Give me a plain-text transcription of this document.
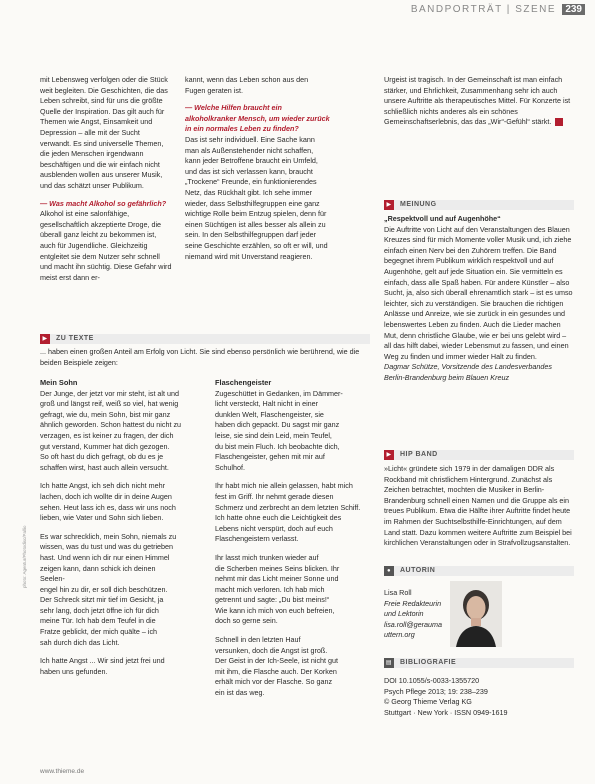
BANDPORTRÄT | SZENE 239

mit Lebensweg verfolgen oder die Stück weit begleiten. Die Geschichten, die das Leben schreibt, sind für uns die größte Quelle der Inspiration. Das gilt auch für Themen wie Angst, Einsamkeit und Depression – alle mit der Sucht verwandt. Es sind universelle Themen, die jeden Menschen irgendwann beschäftigen und die wir einfach nicht ausblenden wollen aus unserer Musik, und das schätzt unser Publikum.

— Was macht Alkohol so gefährlich?

Alkohol ist eine salonfähige, gesellschaftlich akzeptierte Droge, die überall ganz leicht zu bekommen ist, auch für Jugendliche. Gleichzeitig entgleitet sie dem Nutzer sehr schnell und macht ihn süchtig. Diese Gefahr wird meist erst dann er-

kannt, wenn das Leben schon aus den Fugen geraten ist.

— Welche Hilfen braucht ein alkoholkranker Mensch, um wieder zurück in ein normales Leben zu finden?

Das ist sehr individuell. Eine Sache kann man als Außenstehender nicht schaffen, kann jeder Betroffene braucht ein Umfeld, und das ist sich verlassen kann, braucht „Trockene“ Freunde, ein funktionierendes Netz, das Rückhalt gibt. Ich sehe immer wieder, dass Selbsthilfegruppen eine ganz wichtige Rolle beim Entzug spielen, denn für einen Süchtigen ist alles besser als allein zu sein. In den Selbsthilfegruppen darf jeder seine Geschichte erzählen, so oft er will, und niemand wird mit Unverstand reagieren.

Urgeist ist tragisch. In der Gemeinschaft ist man einfach stärker, und Ehrlichkeit, Zusammenhang sehr ich auch unsere Auftritte als therapeutisches Mittel. Für Konzerte ist schließlich nichts anderes als ein schönes Gemeinschaftserlebnis, das das „Wir“-Gefühl“ stärkt.

▶ MEINUNG

„Respektvoll und auf Augenhöhe“

Die Auftritte von Licht auf den Veranstaltungen des Blauen Kreuzes sind für mich Momente voller Musik und, ich ziehe einfach einen Nerv bei den Zuhörern treffen. Die Band begegnet ihrem Publikum wirklich respektvoll und auf Augenhöhe, gelt auf jede Situation ein. Sie vermitteln es einfach, dass alle Spaß haben. Für andere Künstler – also Sucht, ja, also sich überall ehrenamtlich stark – ist es umso leichter, sich zu verständigen. Sie brauchen die richtigen Anlässe und Anreize, wie sie zurück in ein gesundes und lebenswertes Leben zu finden. Auch die Lieder machen Mut, denn christliche Glaube, wie er bei uns gelebt wird – all das hilft dabei, wieder Lebensmut zu fassen, und einen Weg zu finden und immer wieder Halt zu finden.

Dagmar Schütze, Vorsitzende des Landesverbandes Berlin-Brandenburg beim Blauen Kreuz

▶ ZU TEXTE

... haben einen großen Anteil am Erfolg von Licht. Sie sind ebenso persönlich wie berührend, wie die beiden Beispiele zeigen:

Mein Sohn

Der Junge, der jetzt vor mir steht, ist alt und

groß und längst reif, weiß so viel, hat wenig

gefragt, wie du, mein Sohn, bist mir ganz

ähnlich geworden. Schon hattest du nicht zu

verzagen, es ist keiner zu fragen, der dich

gut verstand, Kummer hat dich gezogen.

So oft hast du dich gefragt, ob du es je

schaffen wirst, hast auch allein versucht.

Ich hatte Angst, ich seh dich nicht mehr

lachen, doch ich wollte dir in deine Augen

sehen. Heut lass ich es, dass wir uns noch

lieben, wie Vater und Sohn sich lieben.

Es war schrecklich, mein Sohn, niemals zu

wissen, was du tust und was du getrieben

hast. Und wenn ich dir nur einen Himmel

zeigen kann, dann schick ich deinen Seelen-

engel hin zu dir, er soll dich beschützen.

Der Schreck sitzt mir tief im Gesicht, ja

sehr lang, doch jetzt öffne ich für dich

meine Tür. Ich hab dem Teufel in die

Fratze geblickt, der mich quälte – ich

sah durch dich das Licht.

Ich hatte Angst ... Wir sind jetzt frei und

haben uns gefunden.

Flaschengeister

Zugeschüttet in Gedanken, im Dämmer-

licht versteckt, Halt nicht in einer

dunklen Welt, Flaschengeister, sie

haben dich gepackt. Du sagst mir ganz

leise, sie sind dein Leid, mein Teufel,

du bist mein Fluch. Ich beobachte dich,

Flaschengeister, gehen mit mir auf

Schulhof.

Ihr habt mich nie allein gelassen, habt mich

fest im Griff. Ihr nehmt gerade diesen

Schmerz und zerbrecht an dem letzten Schiff.

Ich hatte ohne euch die Leichtigkeit des

Lebens nicht verspürt, doch auf euch

Flaschengeistern verlasst.

Ihr lasst mich trunken wieder auf

die Scherben meines Seins blicken. Ihr

nehmt mir das Licht meiner Sonne und

macht mich verloren. Ich hab mich

getrennt und sagte: „Du bist meins!“

Wie kann ich mich von euch befreien,

doch so gerne sein.

Schnell in den letzten Hauf

versunken, doch die Angst ist groß.

Der Geist in der Ich-Seele, ist nicht gut

mit ihm, die Flasche auch. Der Korken

erhält mich vor der Flasche. So ganz

ein ist das weg.

▶ HIP BAND

»Licht« gründete sich 1979 in der damaligen DDR als Rockband mit christlichem Hintergrund. Zunächst als Zeichen betrachtet, mochten die Musiker in Berlin-Brandenburg schnell einen Namen und die Gruppe als ein treues Publikum. Etwa die Hälfte ihrer Auftritte findet heute im Rahmen der Suchtselbsthilfe-Einrichtungen, auf dem Land statt. Dazu kommen weitere Auftritte zum Beispiel bei kirchlichen Veranstaltungen oder in Strafvollzugsanstalten.

● AUTORIN

Lisa Roll

Freie Redakteurin und Lektorin

lisa.roll@geraumauttern.org

▤ BIBLIOGRAFIE

DOI 10.1055/s-0033-1355720

Psych Pflege 2013; 19: 238–239

© Georg Thieme Verlag KG

Stuttgart · New York · ISSN 0949-1619

photo: Agentur/Photodisc/Pallio
www.thieme.de
